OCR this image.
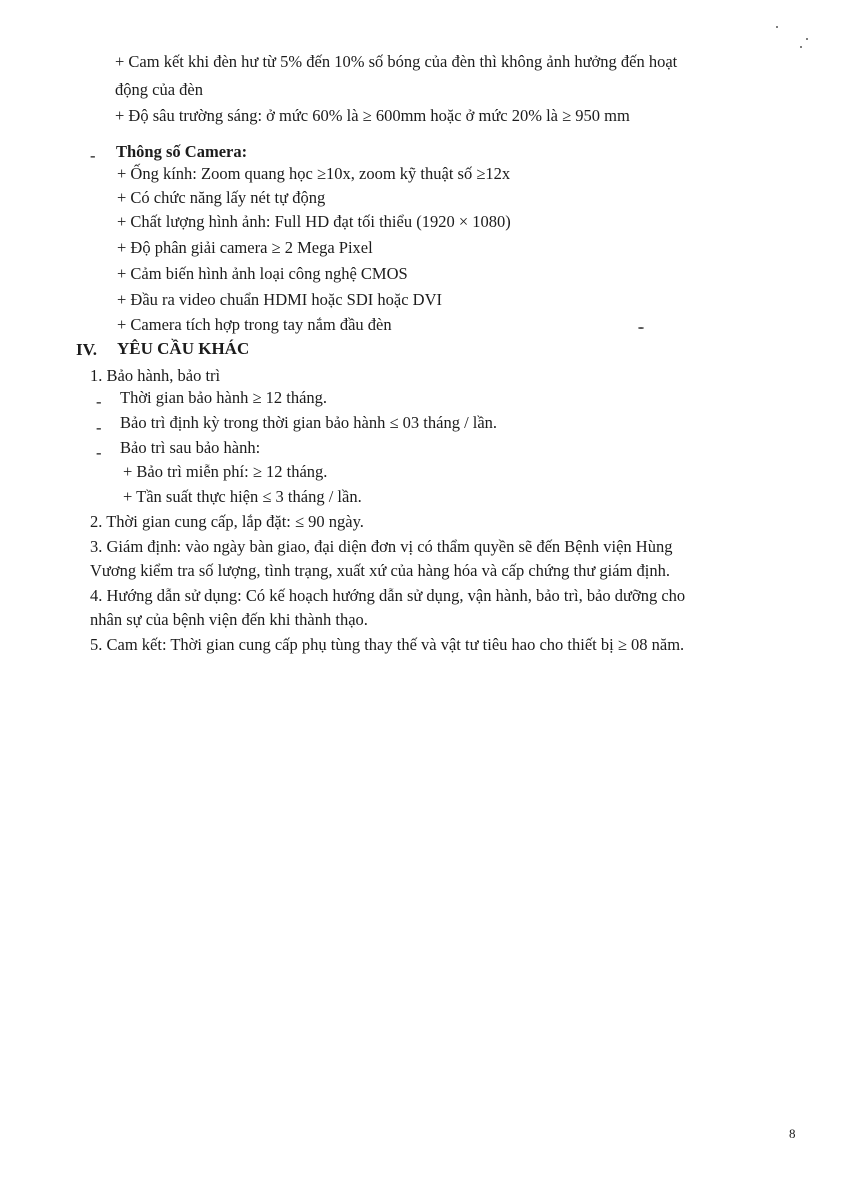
+ Cam kết khi đèn hư từ 5% đến 10% số bóng của đèn thì không ảnh hưởng đến hoạt
động của đèn
+ Độ sâu trường sáng: ở mức 60% là ≥ 600mm hoặc ở mức 20% là ≥ 950 mm
- Thông số Camera:
+ Ống kính: Zoom quang học ≥10x, zoom kỹ thuật số ≥12x
+ Có chức năng lấy nét tự động
+ Chất lượng hình ảnh: Full HD đạt tối thiểu (1920 × 1080)
+ Độ phân giải camera ≥ 2 Mega Pixel
+ Cảm biến hình ảnh loại công nghệ CMOS
+ Đầu ra video chuẩn HDMI hoặc SDI hoặc DVI
+ Camera tích hợp trong tay nắm đầu đèn
IV. YÊU CẦU KHÁC
1. Bảo hành, bảo trì
- Thời gian bảo hành ≥ 12 tháng.
- Bảo trì định kỳ trong thời gian bảo hành ≤ 03 tháng / lần.
- Bảo trì sau bảo hành:
+ Bảo trì miễn phí: ≥ 12 tháng.
+ Tần suất thực hiện ≤ 3 tháng / lần.
2. Thời gian cung cấp, lắp đặt: ≤ 90 ngày.
3. Giám định: vào ngày bàn giao, đại diện đơn vị có thẩm quyền sẽ đến Bệnh viện Hùng
Vương kiểm tra số lượng, tình trạng, xuất xứ của hàng hóa và cấp chứng thư giám định.
4. Hướng dẫn sử dụng: Có kế hoạch hướng dẫn sử dụng, vận hành, bảo trì, bảo dưỡng cho
nhân sự của bệnh viện đến khi thành thạo.
5. Cam kết: Thời gian cung cấp phụ tùng thay thế và vật tư tiêu hao cho thiết bị ≥ 08 năm.
8
